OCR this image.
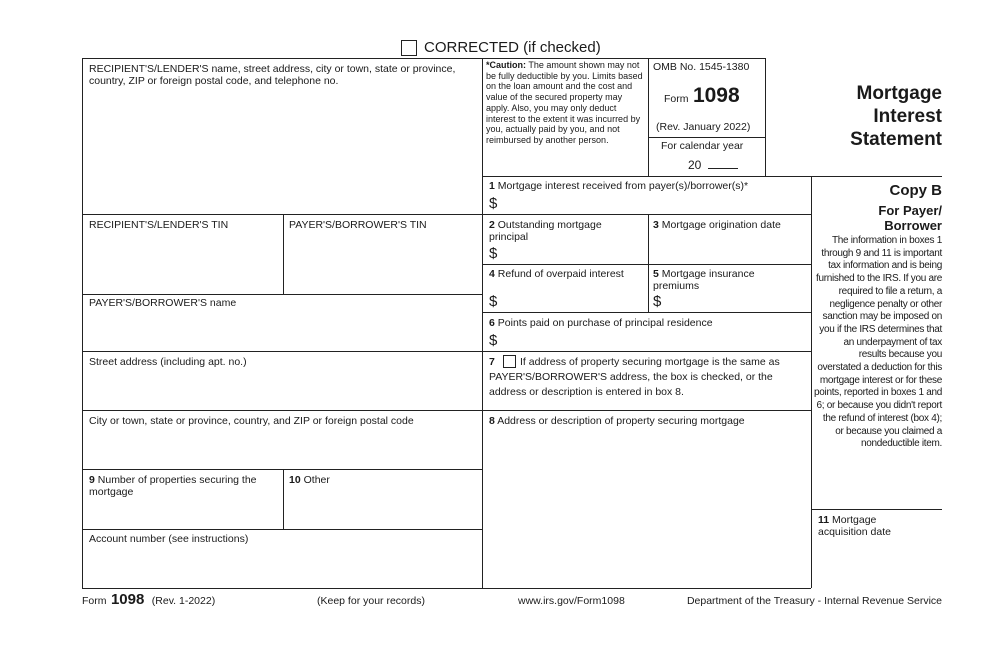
CORRECTED (if checked)
RECIPIENT'S/LENDER'S name, street address, city or town, state or province, country, ZIP or foreign postal code, and telephone no.
*Caution: The amount shown may not be fully deductible by you. Limits based on the loan amount and the cost and value of the secured property may apply. Also, you may only deduct interest to the extent it was incurred by you, actually paid by you, and not reimbursed by another person.
OMB No. 1545-1380
Form 1098
(Rev. January 2022)
For calendar year
20
Mortgage
Interest
Statement
1 Mortgage interest received from payer(s)/borrower(s)*
$
RECIPIENT'S/LENDER'S TIN	PAYER'S/BORROWER'S TIN	2 Outstanding mortgage principal
$
3 Mortgage origination date
4 Refund of overpaid interest
$
5 Mortgage insurance premiums
$
PAYER'S/BORROWER'S name
6 Points paid on purchase of principal residence
$
Street address (including apt. no.)	7	If address of property securing mortgage is the same as PAYER'S/BORROWER'S address, the box is checked, or the address or description is entered in box 8.
City or town, state or province, country, and ZIP or foreign postal code	8 Address or description of property securing mortgage
9 Number of properties securing the mortgage
10 Other
Account number (see instructions)
Copy B
For Payer/
Borrower
The information in boxes 1 through 9 and 11 is important tax information and is being furnished to the IRS. If you are required to file a return, a negligence penalty or other sanction may be imposed on you if the IRS determines that an underpayment of tax results because you overstated a deduction for this mortgage interest or for these points, reported in boxes 1 and 6; or because you didn't report the refund of interest (box 4); or because you claimed a nondeductible item.
11 Mortgage acquisition date
Form 1098 (Rev. 1-2022)	(Keep for your records)	www.irs.gov/Form1098	Department of the Treasury - Internal Revenue Service
